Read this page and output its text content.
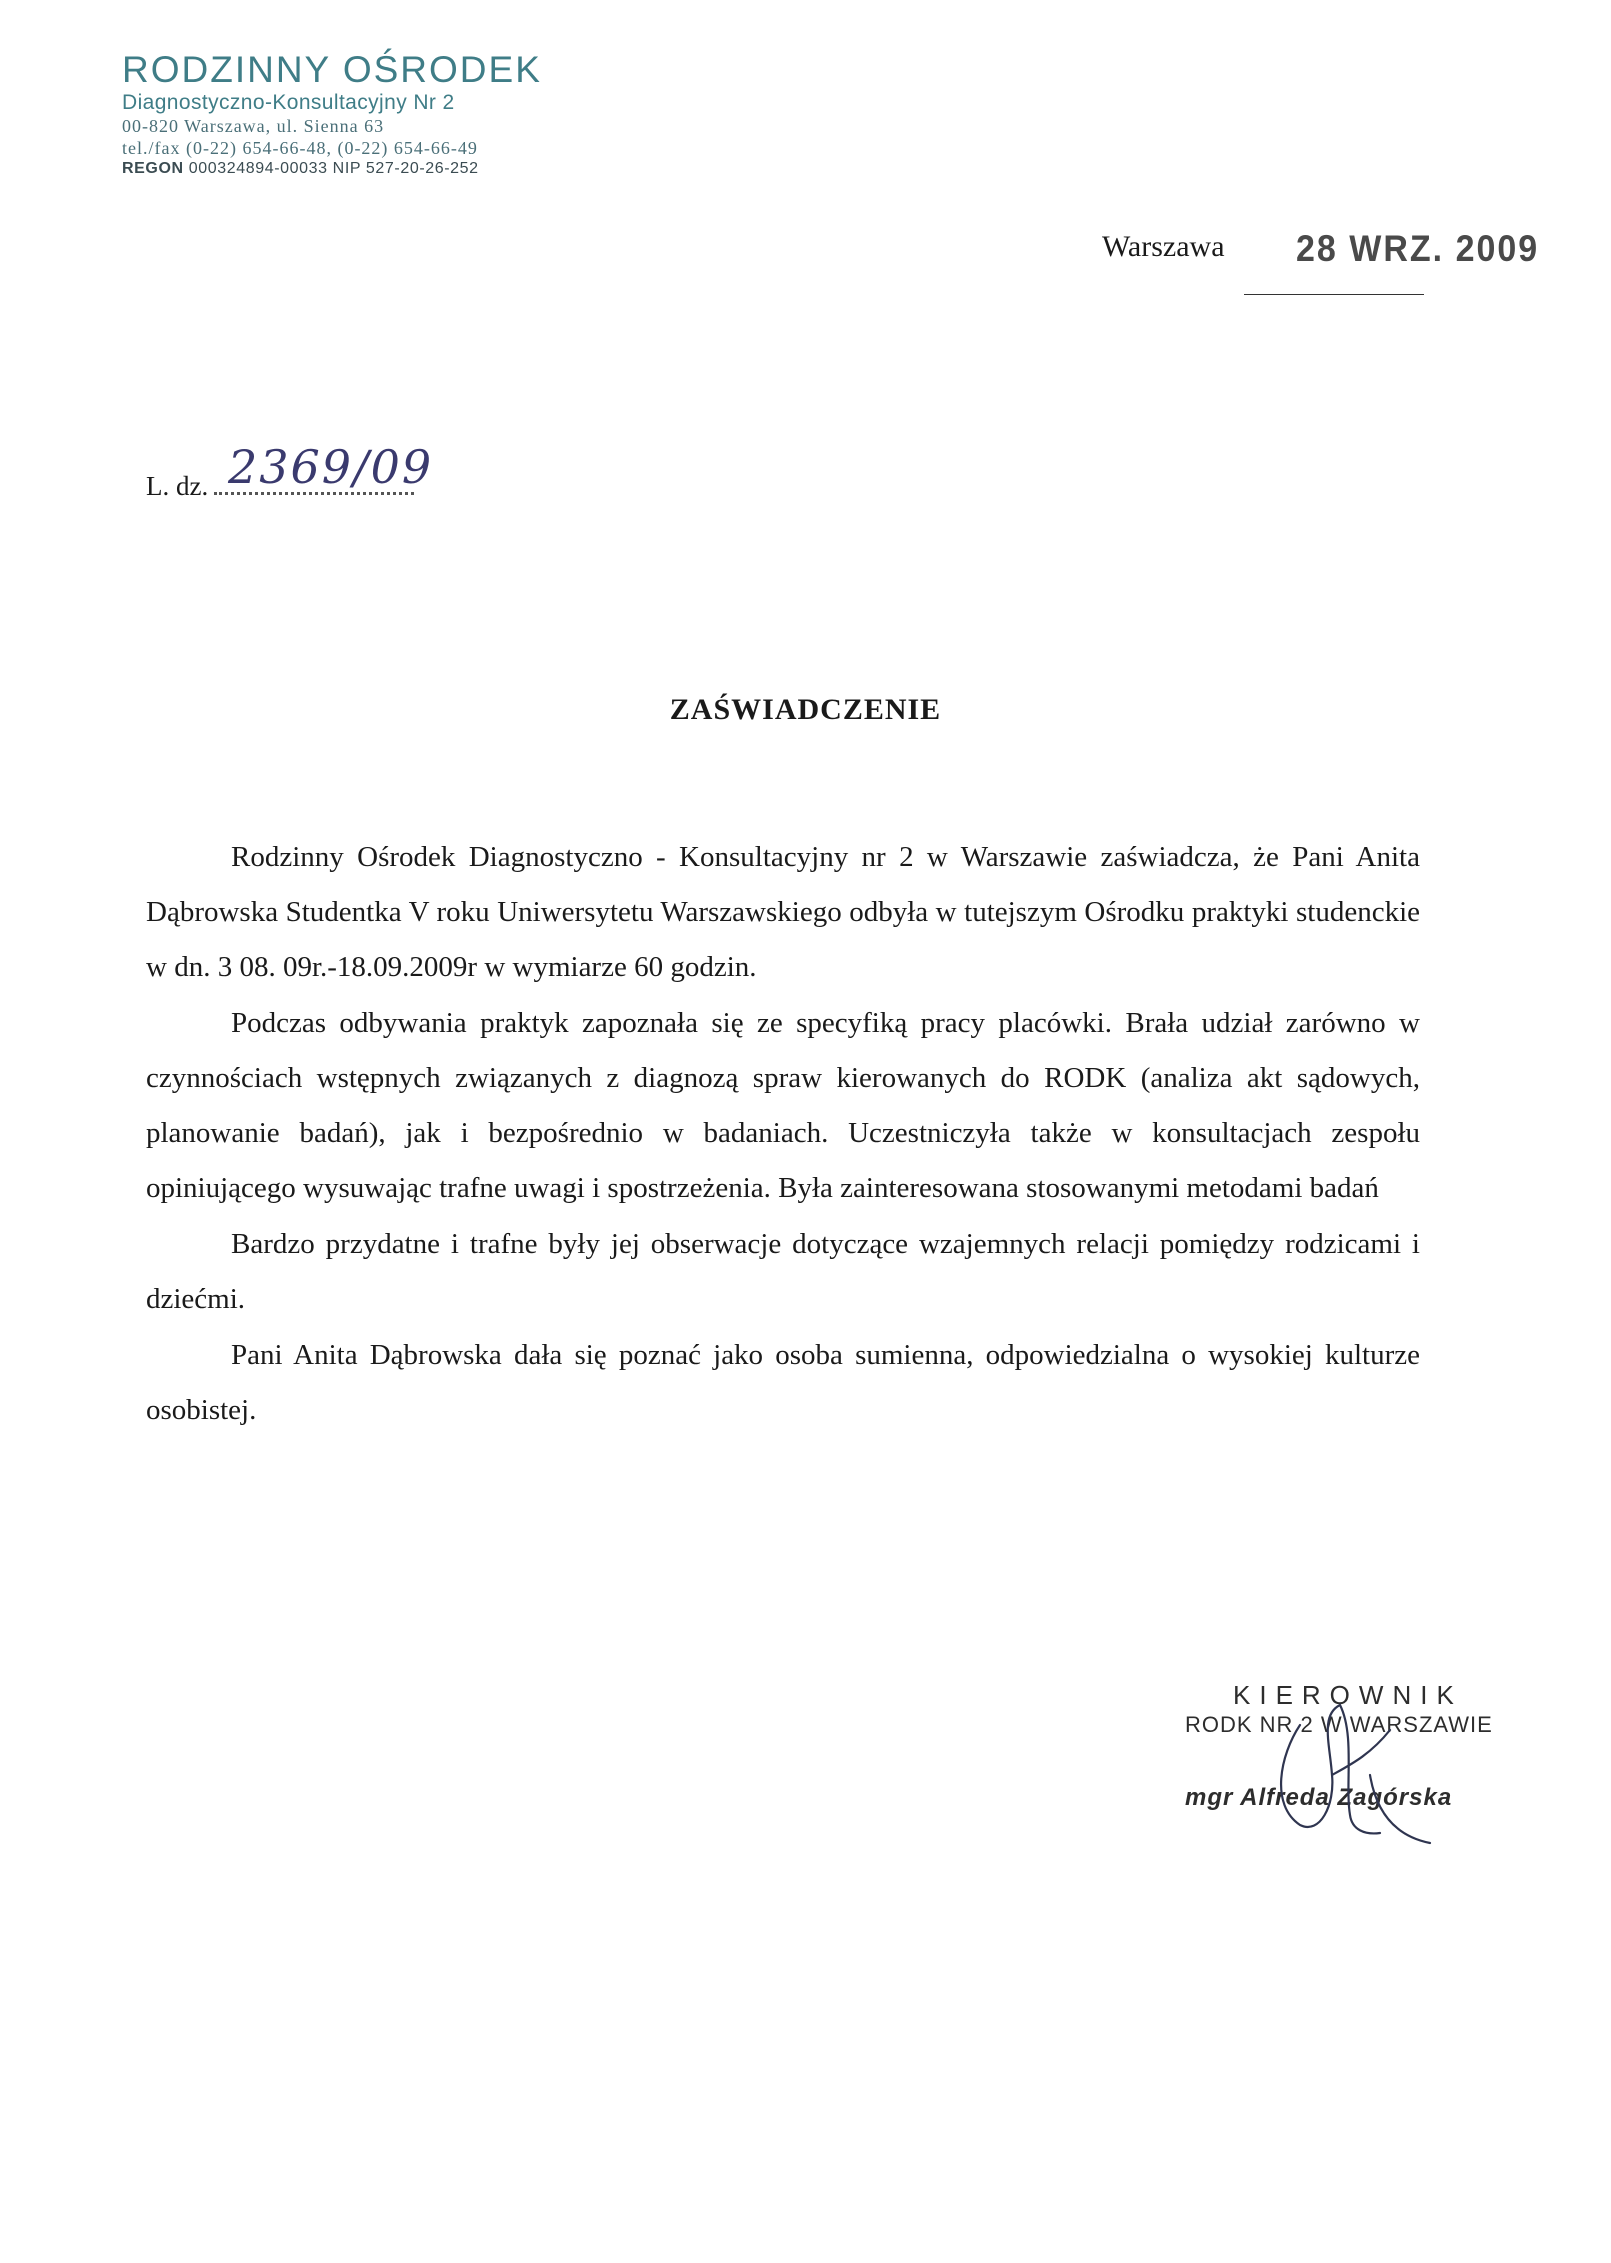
RODZINNY OŚRODEK
Diagnostyczno-Konsultacyjny Nr 2
00-820 Warszawa, ul. Sienna 63
tel./fax (0-22) 654-66-48, (0-22) 654-66-49
REGON 000324894-00033 NIP 527-20-26-252
Warszawa 28 WRZ. 2009
L. dz. 2369/09
ZAŚWIADCZENIE

Rodzinny Ośrodek Diagnostyczno - Konsultacyjny nr 2 w Warszawie zaświadcza, że Pani Anita Dąbrowska Studentka V roku Uniwersytetu Warszawskiego odbyła w tutejszym Ośrodku praktyki studenckie w dn. 3 08. 09r.-18.09.2009r w wymiarze 60 godzin.

Podczas odbywania praktyk zapoznała się ze specyfiką pracy placówki. Brała udział zarówno w czynnościach wstępnych związanych z diagnozą spraw kierowanych do RODK (analiza akt sądowych, planowanie badań), jak i bezpośrednio w badaniach. Uczestniczyła także w konsultacjach zespołu opiniującego wysuwając trafne uwagi i spostrzeżenia. Była zainteresowana stosowanymi metodami badań

Bardzo przydatne i trafne były jej obserwacje dotyczące wzajemnych relacji pomiędzy rodzicami i dziećmi.

Pani Anita Dąbrowska dała się poznać jako osoba sumienna, odpowiedzialna o wysokiej kulturze osobistej.

KIEROWNIK
RODK NR 2 W WARSZAWIE
mgr Alfreda Zagórska
